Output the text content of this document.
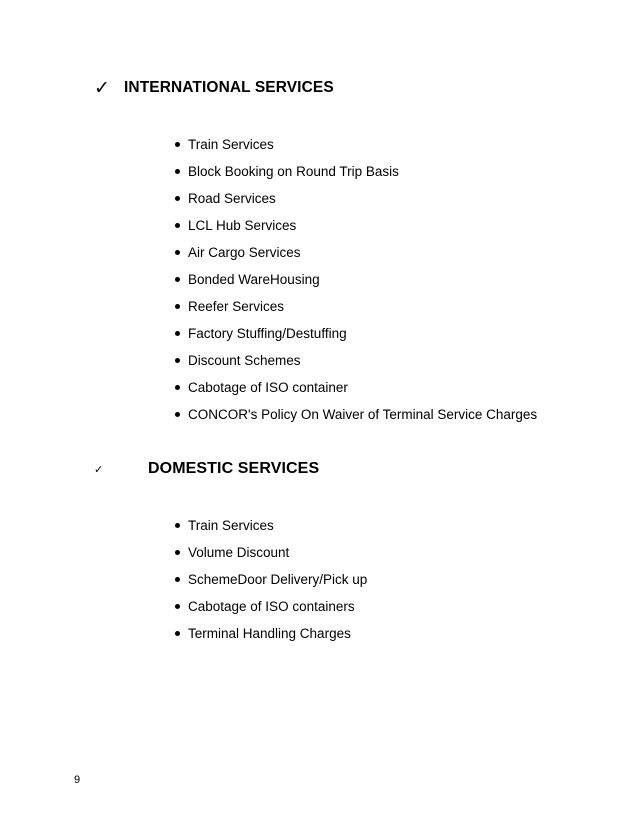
✓ INTERNATIONAL SERVICES
Train Services
Block Booking on Round Trip Basis
Road Services
LCL Hub Services
Air Cargo Services
Bonded WareHousing
Reefer Services
Factory Stuffing/Destuffing
Discount Schemes
Cabotage of ISO container
CONCOR's Policy On Waiver of Terminal Service Charges
✓	DOMESTIC SERVICES
Train Services
Volume Discount
SchemeDoor Delivery/Pick up
Cabotage of ISO containers
Terminal Handling Charges
9
